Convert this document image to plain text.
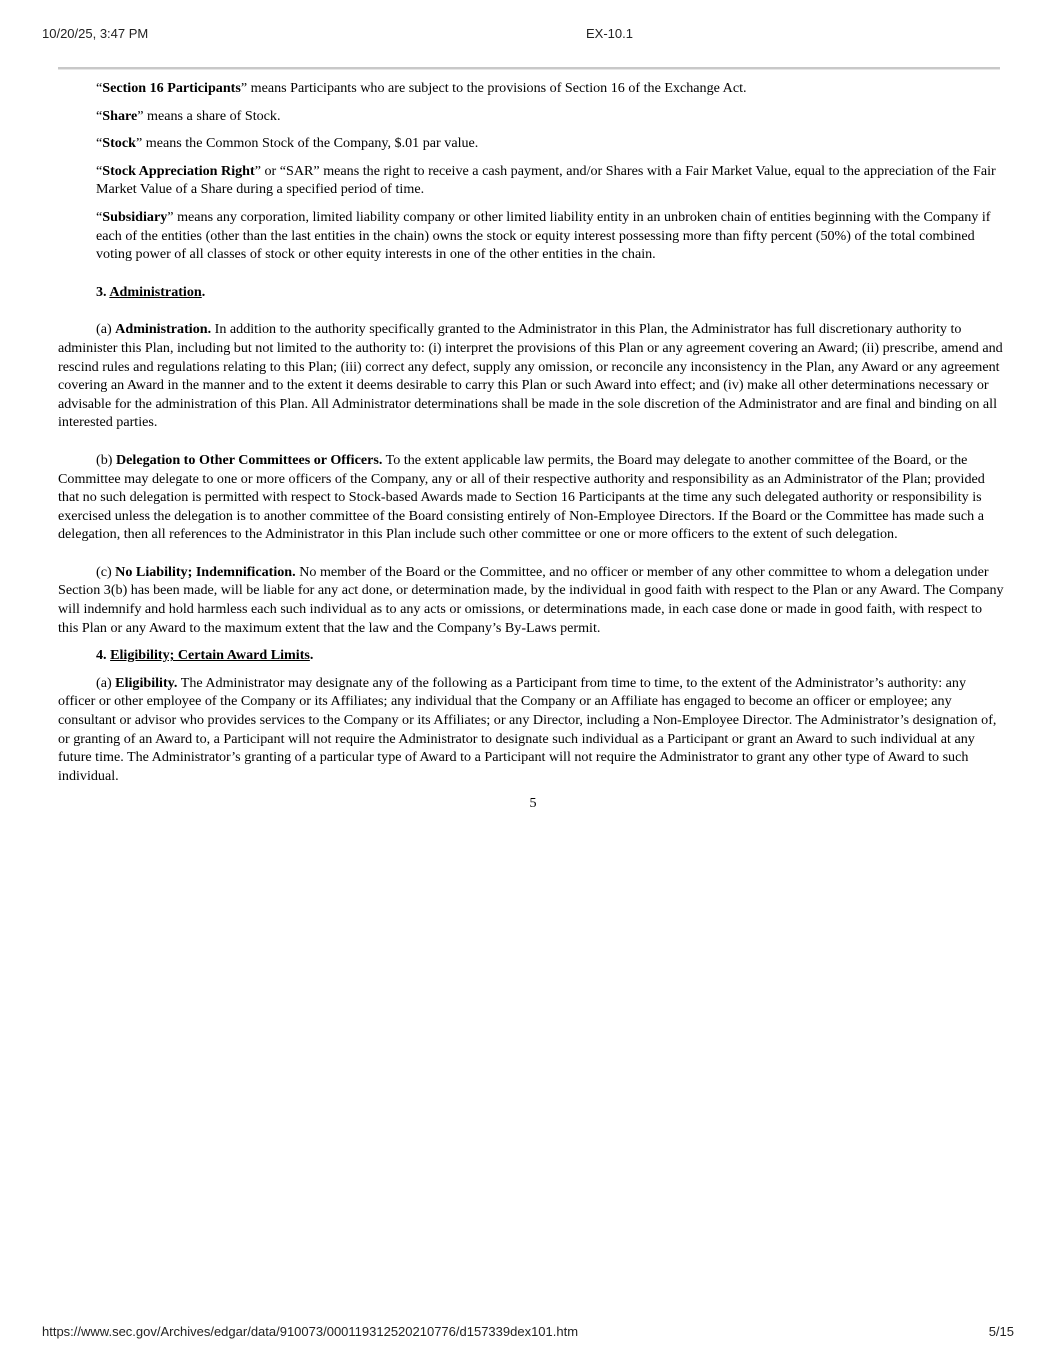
10/20/25, 3:47 PM	EX-10.1

“Section 16 Participants” means Participants who are subject to the provisions of Section 16 of the Exchange Act.

“Share” means a share of Stock.

“Stock” means the Common Stock of the Company, $.01 par value.

“Stock Appreciation Right” or “SAR” means the right to receive a cash payment, and/or Shares with a Fair Market Value, equal to the appreciation of the Fair Market Value of a Share during a specified period of time.

“Subsidiary” means any corporation, limited liability company or other limited liability entity in an unbroken chain of entities beginning with the Company if each of the entities (other than the last entities in the chain) owns the stock or equity interest possessing more than fifty percent (50%) of the total combined voting power of all classes of stock or other equity interests in one of the other entities in the chain.

3. Administration.

(a) Administration. In addition to the authority specifically granted to the Administrator in this Plan, the Administrator has full discretionary authority to administer this Plan, including but not limited to the authority to: (i) interpret the provisions of this Plan or any agreement covering an Award; (ii) prescribe, amend and rescind rules and regulations relating to this Plan; (iii) correct any defect, supply any omission, or reconcile any inconsistency in the Plan, any Award or any agreement covering an Award in the manner and to the extent it deems desirable to carry this Plan or such Award into effect; and (iv) make all other determinations necessary or advisable for the administration of this Plan. All Administrator determinations shall be made in the sole discretion of the Administrator and are final and binding on all interested parties.

(b) Delegation to Other Committees or Officers. To the extent applicable law permits, the Board may delegate to another committee of the Board, or the Committee may delegate to one or more officers of the Company, any or all of their respective authority and responsibility as an Administrator of the Plan; provided that no such delegation is permitted with respect to Stock-based Awards made to Section 16 Participants at the time any such delegated authority or responsibility is exercised unless the delegation is to another committee of the Board consisting entirely of Non-Employee Directors. If the Board or the Committee has made such a delegation, then all references to the Administrator in this Plan include such other committee or one or more officers to the extent of such delegation.

(c) No Liability; Indemnification. No member of the Board or the Committee, and no officer or member of any other committee to whom a delegation under Section 3(b) has been made, will be liable for any act done, or determination made, by the individual in good faith with respect to the Plan or any Award. The Company will indemnify and hold harmless each such individual as to any acts or omissions, or determinations made, in each case done or made in good faith, with respect to this Plan or any Award to the maximum extent that the law and the Company’s By-Laws permit.

4. Eligibility; Certain Award Limits.

(a) Eligibility. The Administrator may designate any of the following as a Participant from time to time, to the extent of the Administrator’s authority: any officer or other employee of the Company or its Affiliates; any individual that the Company or an Affiliate has engaged to become an officer or employee; any consultant or advisor who provides services to the Company or its Affiliates; or any Director, including a Non-Employee Director. The Administrator’s designation of, or granting of an Award to, a Participant will not require the Administrator to designate such individual as a Participant or grant an Award to such individual at any future time. The Administrator’s granting of a particular type of Award to a Participant will not require the Administrator to grant any other type of Award to such individual.

5

https://www.sec.gov/Archives/edgar/data/910073/000119312520210776/d157339dex101.htm	5/15
